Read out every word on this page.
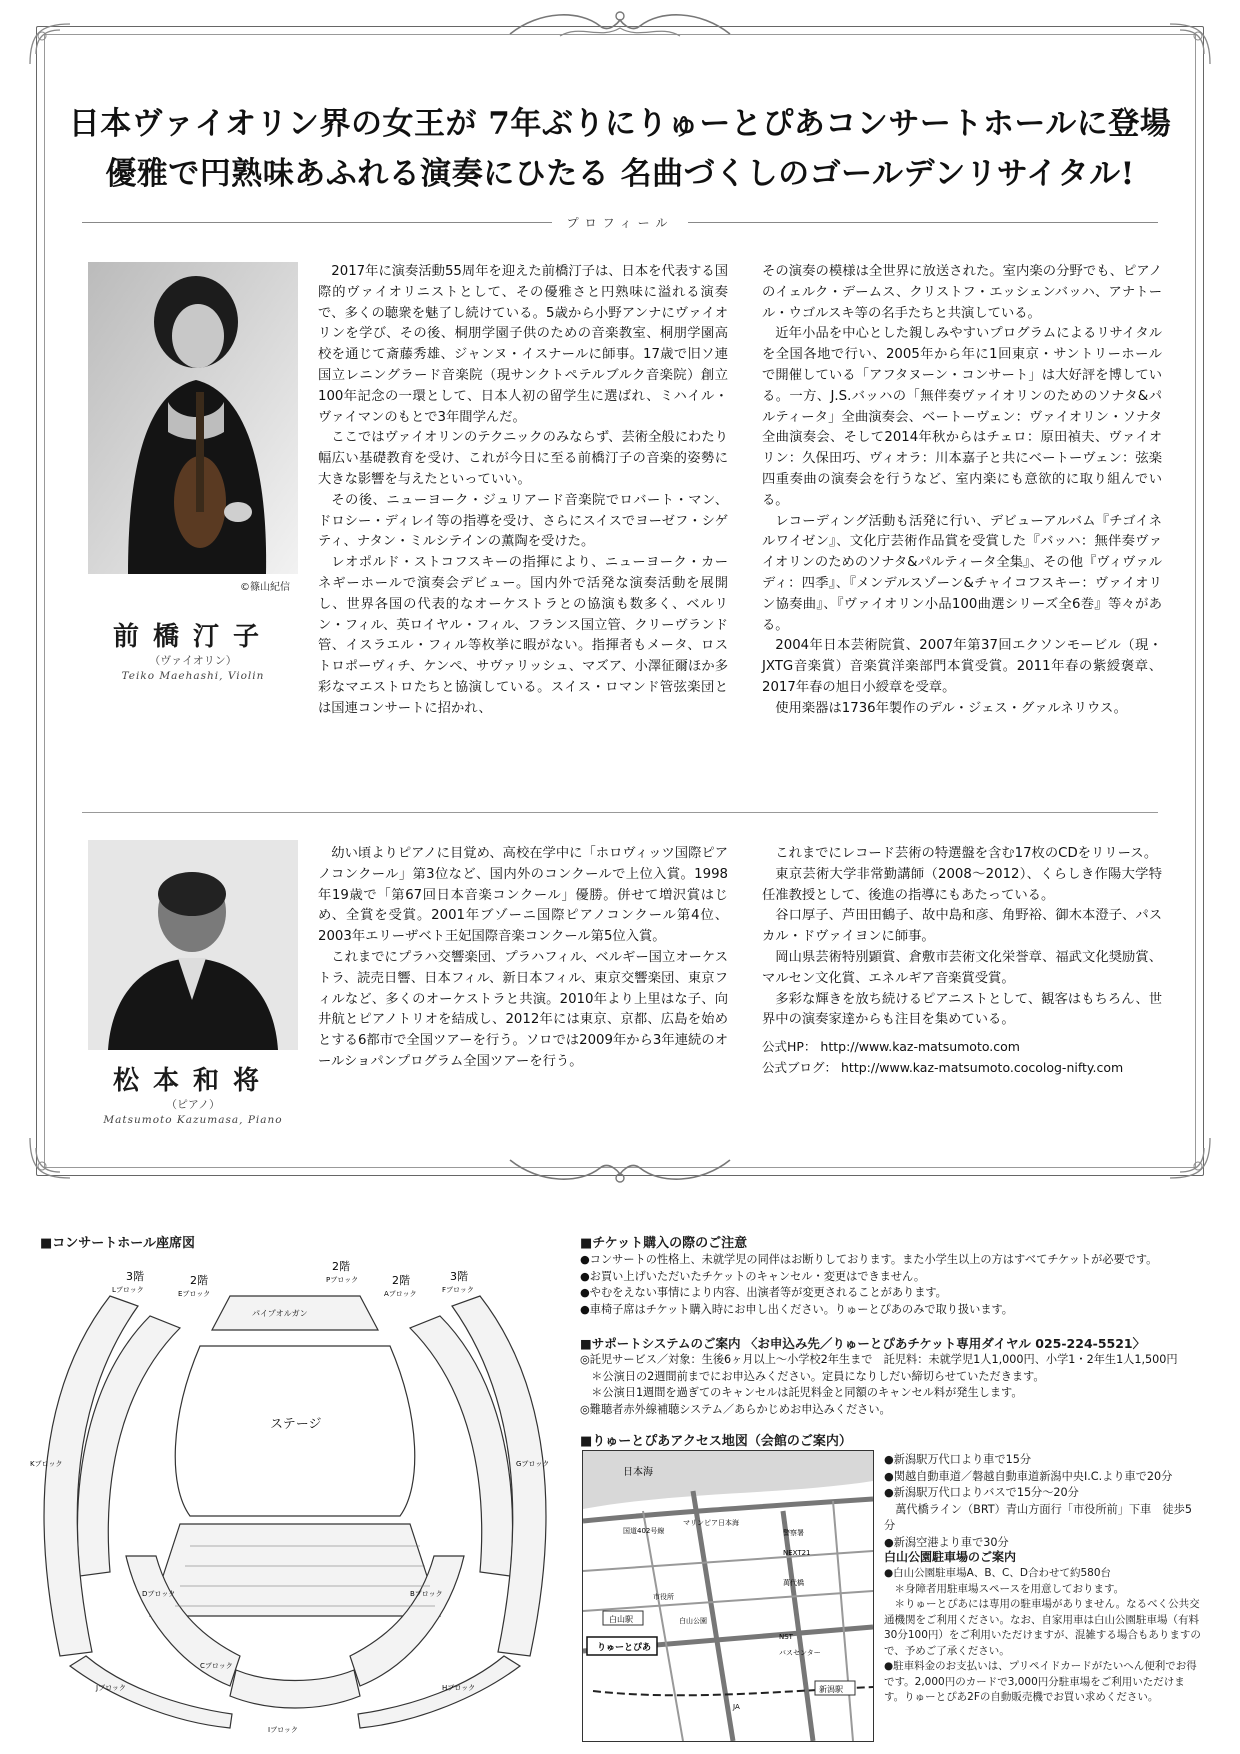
日本ヴァイオリン界の女王が 7年ぶりにりゅーとぴあコンサートホールに登場
優雅で円熟味あふれる演奏にひたる 名曲づくしのゴールデンリサイタル!
プロフィール
©篠山紀信
前橋汀子
（ヴァイオリン）
Teiko Maehashi, Violin

2017年に演奏活動55周年を迎えた前橋汀子は、日本を代表する国際的ヴァイオリニストとして、その優雅さと円熟味に溢れる演奏で、多くの聴衆を魅了し続けている。5歳から小野アンナにヴァイオリンを学び、その後、桐朋学園子供のための音楽教室、桐朋学園高校を通じて斎藤秀雄、ジャンヌ・イスナールに師事。17歳で旧ソ連国立レニングラード音楽院（現サンクトペテルブルク音楽院）創立100年記念の一環として、日本人初の留学生に選ばれ、ミハイル・ヴァイマンのもとで3年間学んだ。

ここではヴァイオリンのテクニックのみならず、芸術全般にわたり幅広い基礎教育を受け、これが今日に至る前橋汀子の音楽的姿勢に大きな影響を与えたといっていい。

その後、ニューヨーク・ジュリアード音楽院でロバート・マン、ドロシー・ディレイ等の指導を受け、さらにスイスでヨーゼフ・シゲティ、ナタン・ミルシテインの薫陶を受けた。

レオポルド・ストコフスキーの指揮により、ニューヨーク・カーネギーホールで演奏会デビュー。国内外で活発な演奏活動を展開し、世界各国の代表的なオーケストラとの協演も数多く、ベルリン・フィル、英ロイヤル・フィル、フランス国立管、クリーヴランド管、イスラエル・フィル等枚挙に暇がない。指揮者もメータ、ロストロポーヴィチ、ケンペ、サヴァリッシュ、マズア、小澤征爾ほか多彩なマエストロたちと協演している。スイス・ロマンド管弦楽団とは国連コンサートに招かれ、

その演奏の模様は全世界に放送された。室内楽の分野でも、ピアノのイェルク・デームス、クリストフ・エッシェンバッハ、アナトール・ウゴルスキ等の名手たちと共演している。

近年小品を中心とした親しみやすいプログラムによるリサイタルを全国各地で行い、2005年から年に1回東京・サントリーホールで開催している「アフタヌーン・コンサート」は大好評を博している。一方、J.S.バッハの「無伴奏ヴァイオリンのためのソナタ&パルティータ」全曲演奏会、ベートーヴェン：ヴァイオリン・ソナタ全曲演奏会、そして2014年秋からはチェロ：原田禎夫、ヴァイオリン：久保田巧、ヴィオラ：川本嘉子と共にベートーヴェン：弦楽四重奏曲の演奏会を行うなど、室内楽にも意欲的に取り組んでいる。

レコーディング活動も活発に行い、デビューアルバム『チゴイネルワイゼン』、文化庁芸術作品賞を受賞した『バッハ：無伴奏ヴァイオリンのためのソナタ&パルティータ全集』、その他『ヴィヴァルディ：四季』、『メンデルスゾーン&チャイコフスキー：ヴァイオリン協奏曲』、『ヴァイオリン小品100曲選シリーズ全6巻』等々がある。

2004年日本芸術院賞、2007年第37回エクソンモービル（現・JXTG音楽賞）音楽賞洋楽部門本賞受賞。2011年春の紫綬褒章、2017年春の旭日小綬章を受章。

使用楽器は1736年製作のデル・ジェス・グァルネリウス。

松本和将
（ピアノ）
Matsumoto Kazumasa, Piano

幼い頃よりピアノに目覚め、高校在学中に「ホロヴィッツ国際ピアノコンクール」第3位など、国内外のコンクールで上位入賞。1998年19歳で「第67回日本音楽コンクール」優勝。併せて増沢賞はじめ、全賞を受賞。2001年ブゾーニ国際ピアノコンクール第4位、2003年エリーザベト王妃国際音楽コンクール第5位入賞。

これまでにプラハ交響楽団、プラハフィル、ベルギー国立オーケストラ、読売日響、日本フィル、新日本フィル、東京交響楽団、東京フィルなど、多くのオーケストラと共演。2010年より上里はな子、向井航とピアノトリオを結成し、2012年には東京、京都、広島を始めとする6都市で全国ツアーを行う。ソロでは2009年から3年連続のオールショパンプログラム全国ツアーを行う。

これまでにレコード芸術の特選盤を含む17枚のCDをリリース。

東京芸術大学非常勤講師（2008〜2012）、くらしき作陽大学特任准教授として、後進の指導にもあたっている。

谷口厚子、芦田田鶴子、故中島和彦、角野裕、御木本澄子、パスカル・ドヴァイヨンに師事。

岡山県芸術特別顕賞、倉敷市芸術文化栄誉章、福武文化奨励賞、マルセン文化賞、エネルギア音楽賞受賞。

多彩な輝きを放ち続けるピアニストとして、観客はもちろん、世界中の演奏家達からも注目を集めている。

公式HP： http://www.kaz-matsumoto.com
公式ブログ： http://www.kaz-matsumoto.cocolog-nifty.com
■コンサートホール座席図
ステージ
パイプオルガン
3階	2階
2階
2階	3階
Lブロック	Eブロック
Pブロック
Aブロック	Fブロック
Kブロック	Gブロック
Dブロック	Bブロック
Cブロック
Jブロック	Hブロック
Iブロック
■チケット購入の際のご注意

●コンサートの性格上、未就学児の同伴はお断りしております。また小学生以上の方はすべてチケットが必要です。

●お買い上げいただいたチケットのキャンセル・変更はできません。

●やむをえない事情により内容、出演者等が変更されることがあります。

●車椅子席はチケット購入時にお申し出ください。りゅーとぴあのみで取り扱います。

■サポートシステムのご案内 〈お申込み先／りゅーとぴあチケット専用ダイヤル 025-224-5521〉

◎託児サービス／対象：生後6ヶ月以上〜小学校2年生まで　託児料：未就学児1人1,000円、小学1・2年生1人1,500円

　＊公演日の2週間前までにお申込みください。定員になりしだい締切らせていただきます。

　＊公演日1週間を過ぎてのキャンセルは託児料金と同額のキャンセル料が発生します。

◎難聴者赤外線補聴システム／あらかじめお申込みください。

■りゅーとぴあアクセス地図（会館のご案内）
日本海
国道402号線
マリンピア日本海
警察署
NEXT21
萬代橋
市役所
白山公園
白山駅
りゅーとぴあ
NST
バスセンター
JA
新潟駅

●新潟駅万代口より車で15分

●関越自動車道／磐越自動車道新潟中央I.C.より車で20分

●新潟駅万代口よりバスで15分〜20分

　萬代橋ライン（BRT）青山方面行「市役所前」下車　徒歩5分

●新潟空港より車で30分

白山公園駐車場のご案内

●白山公園駐車場A、B、C、D合わせて約580台

　＊身障者用駐車場スペースを用意しております。

　＊りゅーとぴあには専用の駐車場がありません。なるべく公共交通機関をご利用ください。なお、自家用車は白山公園駐車場（有料30分100円）をご利用いただけますが、混雑する場合もありますので、予めご了承ください。

●駐車料金のお支払いは、プリペイドカードがたいへん便利でお得です。2,000円のカードで3,000円分駐車場をご利用いただけます。りゅーとぴあ2Fの自動販売機でお買い求めください。
